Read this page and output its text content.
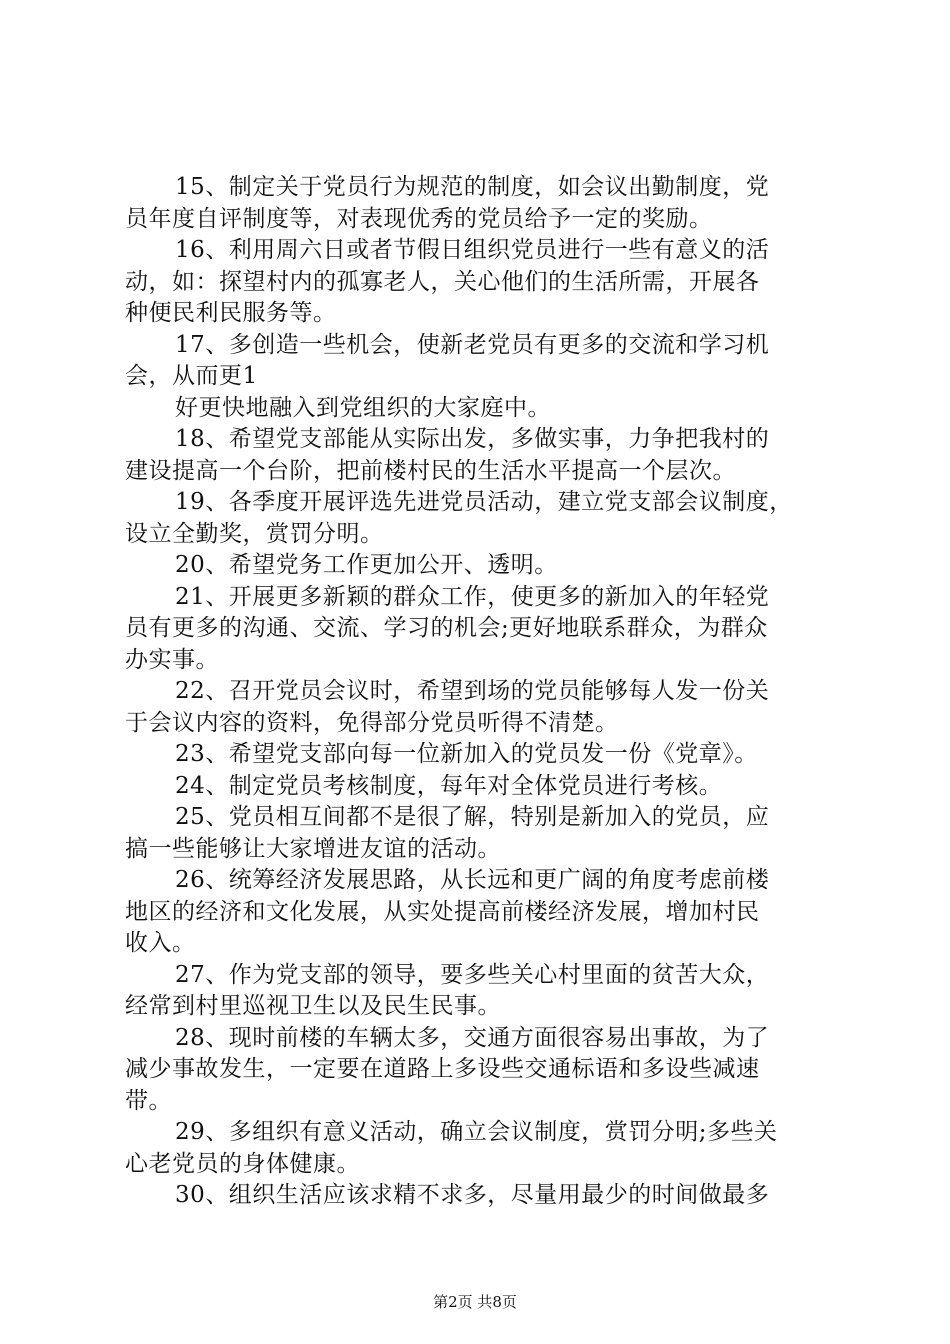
15、制定关于党员行为规范的制度，如会议出勤制度，党
员年度自评制度等，对表现优秀的党员给予一定的奖励。
16、利用周六日或者节假日组织党员进行一些有意义的活
动，如：探望村内的孤寡老人，关心他们的生活所需，开展各
种便民利民服务等。
17、多创造一些机会，使新老党员有更多的交流和学习机
会，从而更1
好更快地融入到党组织的大家庭中。
18、希望党支部能从实际出发，多做实事，力争把我村的
建设提高一个台阶，把前楼村民的生活水平提高一个层次。
19、各季度开展评选先进党员活动，建立党支部会议制度，
设立全勤奖，赏罚分明。
20、希望党务工作更加公开、透明。
21、开展更多新颖的群众工作，使更多的新加入的年轻党
员有更多的沟通、交流、学习的机会;更好地联系群众，为群众
办实事。
22、召开党员会议时，希望到场的党员能够每人发一份关
于会议内容的资料，免得部分党员听得不清楚。
23、希望党支部向每一位新加入的党员发一份《党章》。
24、制定党员考核制度，每年对全体党员进行考核。
25、党员相互间都不是很了解，特别是新加入的党员，应
搞一些能够让大家增进友谊的活动。
26、统筹经济发展思路，从长远和更广阔的角度考虑前楼
地区的经济和文化发展，从实处提高前楼经济发展，增加村民
收入。
27、作为党支部的领导，要多些关心村里面的贫苦大众，
经常到村里巡视卫生以及民生民事。
28、现时前楼的车辆太多，交通方面很容易出事故，为了
减少事故发生，一定要在道路上多设些交通标语和多设些减速
带。
29、多组织有意义活动，确立会议制度，赏罚分明;多些关
心老党员的身体健康。
30、组织生活应该求精不求多，尽量用最少的时间做最多
第2页 共8页
